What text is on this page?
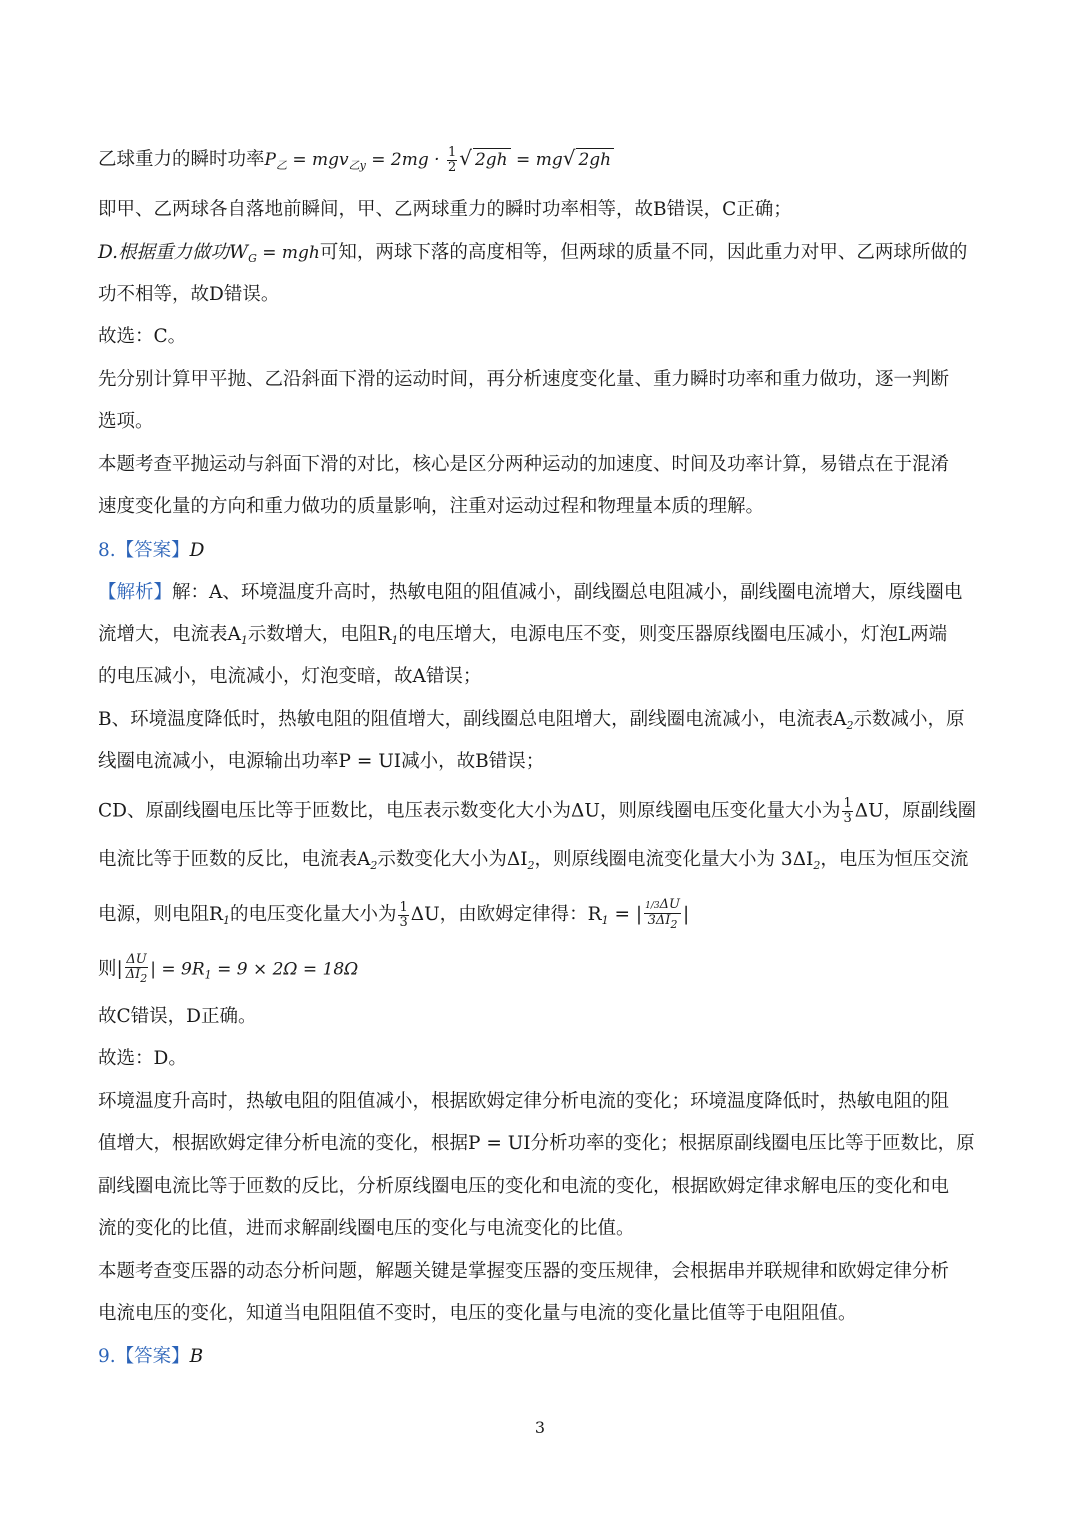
乙球重力的瞬时功率$P_乙 = mgv_{乙y} = 2mg \cdot \frac{1}{2}$ √ 2gh = mg√ 2gh
即甲、乙两球各自落地前瞬间，甲、乙两球重力的瞬时功率相等，故B错误，C正确；
D.根据重力做功$W_G$ = mgh可知，两球下落的高度相等，但两球的质量不同，因此重力对甲、乙两球所做的
功不相等，故D错误。
故选：C。
先分别计算甲平抛、乙沿斜面下滑的运动时间，再分析速度变化量、重力瞬时功率和重力做功，逐一判断
选项。
本题考查平抛运动与斜面下滑的对比，核心是区分两种运动的加速度、时间及功率计算，易错点在于混淆
速度变化量的方向和重力做功的质量影响，注重对运动过程和物理量本质的理解。
8.【答案】D
【解析】解：A、环境温度升高时，热敏电阻的阻值减小，副线圈总电阻减小，副线圈电流增大，原线圈电
流增大，电流表$A_1$示数增大，电阻$R_1$的电压增大，电源电压不变，则变压器原线圈电压减小，灯泡L两端
的电压减小，电流减小，灯泡变暗，故A错误；
B、环境温度降低时，热敏电阻的阻值增大，副线圈总电阻增大，副线圈电流减小，电流表$A_2$示数减小，原
线圈电流减小，电源输出功率P = UI减小，故B错误；
CD、原副线圈电压比等于匝数比，电压表示数变化大小为ΔU，则原线圈电压变化量大小为 $\frac{1}{3}$ ΔU，原副线圈
电流比等于匝数的反比，电流表$A_2$示数变化大小为$\Delta I_2$，则原线圈电流变化量大小为 $3\Delta I_2$，电压为恒压交流
电源，则电阻$R_1$的电压变化量大小为 $\frac{1}{3}$ ΔU，由欧姆定律得：$R_1$ = | $\frac{1/3\Delta U}{3\Delta I_2}$ |
则| $\frac{\Delta U}{\Delta I_2}$ | = $9R_1 = 9 \times 2\Omega = 18\Omega$
故C错误，D正确。
故选：D。
环境温度升高时，热敏电阻的阻值减小，根据欧姆定律分析电流的变化；环境温度降低时，热敏电阻的阻
值增大，根据欧姆定律分析电流的变化，根据P = UI分析功率的变化；根据原副线圈电压比等于匝数比，原
副线圈电流比等于匝数的反比，分析原线圈电压的变化和电流的变化，根据欧姆定律求解电压的变化和电
流的变化的比值，进而求解副线圈电压的变化与电流变化的比值。
本题考查变压器的动态分析问题，解题关键是掌握变压器的变压规律，会根据串并联规律和欧姆定律分析
电流电压的变化，知道当电阻阻值不变时，电压的变化量与电流的变化量比值等于电阻阻值。
9.【答案】B
3
